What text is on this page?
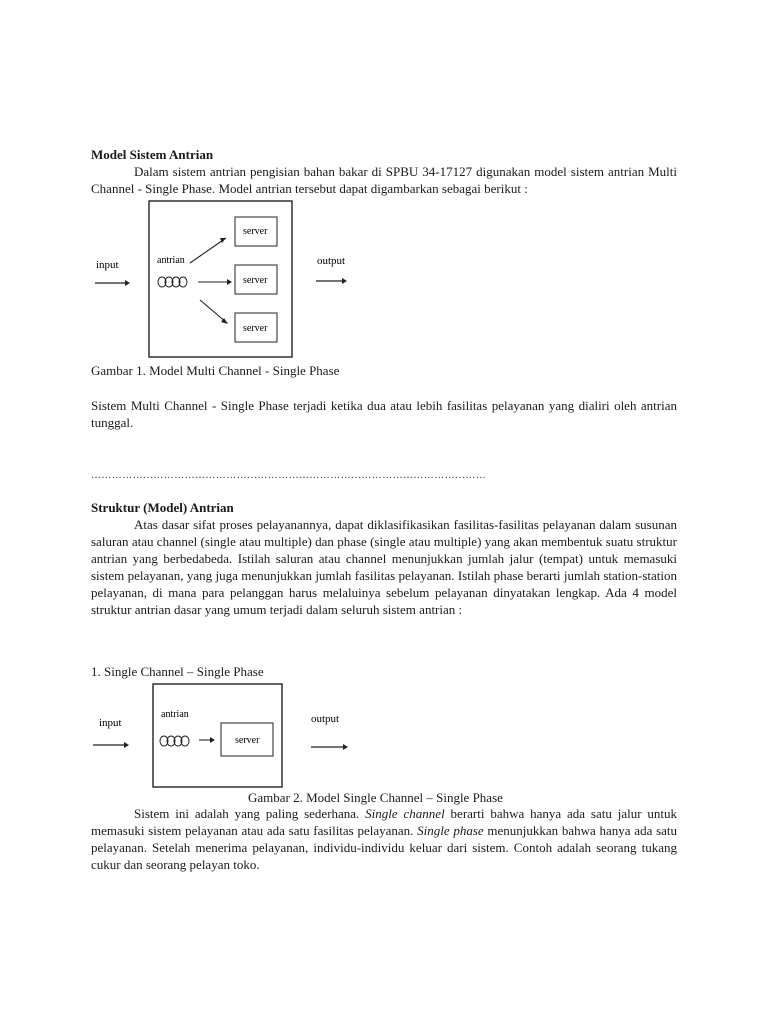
Model Sistem Antrian

Dalam sistem antrian pengisian bahan bakar di SPBU 34-17127 digunakan model sistem antrian Multi Channel - Single Phase. Model antrian tersebut dapat digambarkan sebagai berikut :

input	antrian
server
server
server
output
Gambar 1. Model Multi Channel - Single Phase

Sistem Multi Channel - Single Phase terjadi ketika dua atau lebih fasilitas pelayanan yang dialiri oleh antrian tunggal.

……………………………………………………………………………………………………
Struktur (Model) Antrian

Atas dasar sifat proses pelayanannya, dapat diklasifikasikan fasilitas-fasilitas pelayanan dalam susunan saluran atau channel (single atau multiple) dan phase (single atau multiple) yang akan membentuk suatu struktur antrian yang berbedabeda. Istilah saluran atau channel menunjukkan jumlah jalur (tempat) untuk memasuki sistem pelayanan, yang juga menunjukkan jumlah fasilitas pelayanan. Istilah phase berarti jumlah station-station pelayanan, di mana para pelanggan harus melaluinya sebelum pelayanan dinyatakan lengkap. Ada 4 model struktur antrian dasar yang umum terjadi dalam seluruh sistem antrian :

1. Single Channel – Single Phase
input
antrian
server
output
Gambar 2. Model Single Channel – Single Phase

Sistem ini adalah yang paling sederhana. Single channel berarti bahwa hanya ada satu jalur untuk memasuki sistem pelayanan atau ada satu fasilitas pelayanan. Single phase menunjukkan bahwa hanya ada satu pelayanan. Setelah menerima pelayanan, individu-individu keluar dari sistem. Contoh adalah seorang tukang cukur dan seorang pelayan toko.
